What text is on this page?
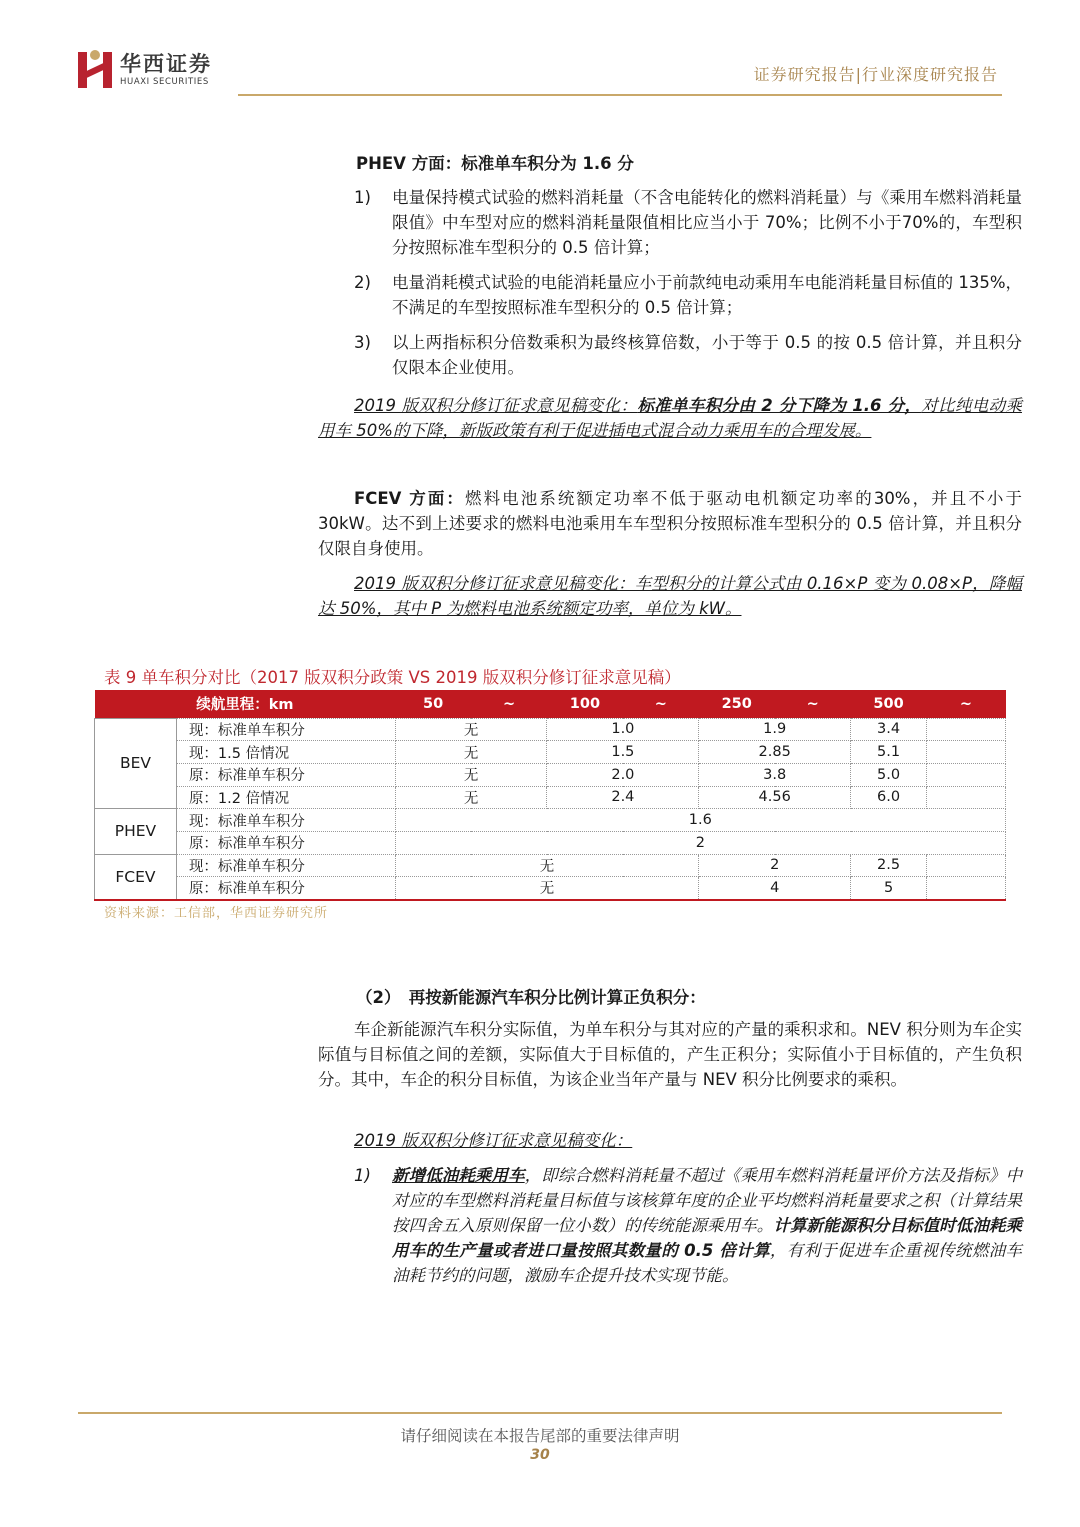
华西证券
HUAXI SECURITIES	证券研究报告|行业深度研究报告
PHEV 方面：标准单车积分为 1.6 分
1)	电量保持模式试验的燃料消耗量（不含电能转化的燃料消耗量）与《乘用车燃料消耗量限值》中车型对应的燃料消耗量限值相比应当小于 70%；比例不小于70%的，车型积分按照标准车型积分的 0.5 倍计算；
2)	电量消耗模式试验的电能消耗量应小于前款纯电动乘用车电能消耗量目标值的 135%，不满足的车型按照标准车型积分的 0.5 倍计算；
3)	以上两指标积分倍数乘积为最终核算倍数，小于等于 0.5 的按 0.5 倍计算，并且积分仅限本企业使用。
2019 版双积分修订征求意见稿变化：标准单车积分由 2 分下降为 1.6 分，对比纯电动乘用车 50%的下降，新版政策有利于促进插电式混合动力乘用车的合理发展。
FCEV 方面：燃料电池系统额定功率不低于驱动电机额定功率的30%，并且不小于 30kW。达不到上述要求的燃料电池乘用车车型积分按照标准车型积分的 0.5 倍计算，并且积分仅限自身使用。
2019 版双积分修订征求意见稿变化：车型积分的计算公式由 0.16×P 变为 0.08×P，降幅达 50%，其中 P 为燃料电池系统额定功率，单位为 kW。
表 9 单车积分对比（2017 版双积分政策 VS 2019 版双积分修订征求意见稿）
续航里程：km		50	~	100	~	250	~	500	~
BEV	现：标准单车积分	无		1.0		1.9		3.4	
	现：1.5 倍情况	无		1.5		2.85		5.1	
	原：标准单车积分	无		2.0		3.8		5.0	
	原：1.2 倍情况	无		2.4		4.56		6.0	
PHEV	现：标准单车积分	1.6							
	原：标准单车积分	2							
FCEV	现：标准单车积分	无				2		2.5	
	原：标准单车积分	无				4		5	
资料来源：工信部，华西证券研究所
（2）　再按新能源汽车积分比例计算正负积分：
车企新能源汽车积分实际值，为单车积分与其对应的产量的乘积求和。NEV 积分则为车企实际值与目标值之间的差额，实际值大于目标值的，产生正积分；实际值小于目标值的，产生负积分。其中，车企的积分目标值，为该企业当年产量与 NEV 积分比例要求的乘积。
2019 版双积分修订征求意见稿变化：
1)	新增低油耗乘用车，即综合燃料消耗量不超过《乘用车燃料消耗量评价方法及指标》中对应的车型燃料消耗量目标值与该核算年度的企业平均燃料消耗量要求之积（计算结果按四舍五入原则保留一位小数）的传统能源乘用车。计算新能源积分目标值时低油耗乘用车的生产量或者进口量按照其数量的 0.5 倍计算，有利于促进车企重视传统燃油车油耗节约的问题，激励车企提升技术实现节能。
请仔细阅读在本报告尾部的重要法律声明
30
